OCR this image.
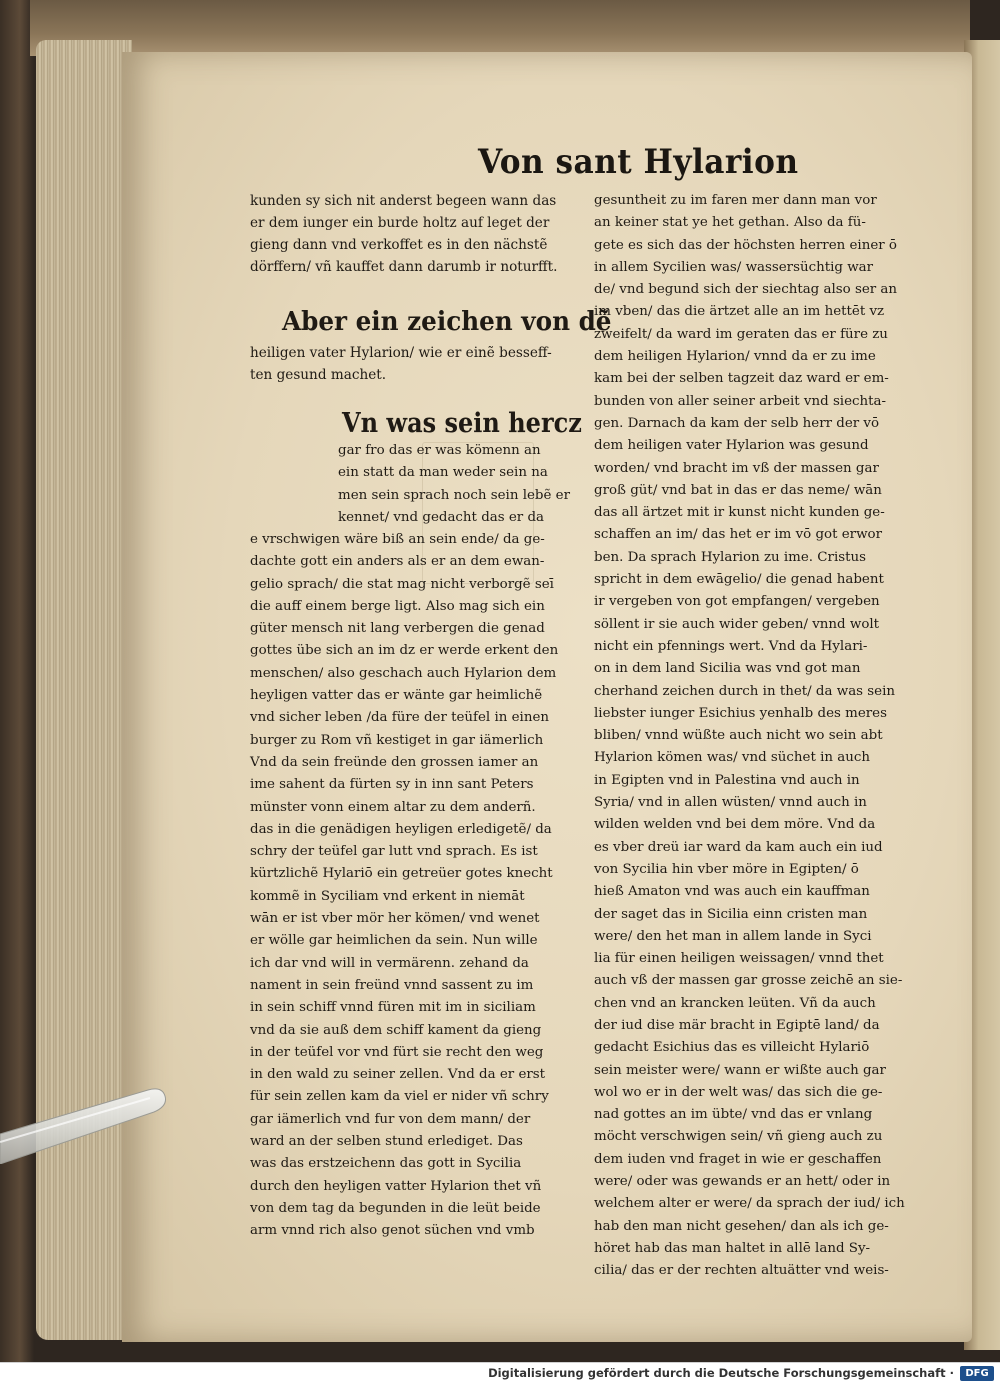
Von sant Hylarion
kunden sy sich nit anderst begeen wann das
er dem iunger ein burde holtz auf leget der
gieng dann vnd verkoffet es in den nächstẽ
dörffern/ vñ kauffet dann darumb ir noturfft.
Aber ein zeichen von dẽ
heiligen vater Hylarion/ wie er einẽ besseff-
ten gesund machet.
Vn was sein hercz
gar fro das er was kömenn an
ein statt da man weder sein na
men sein sprach noch sein lebẽ er
kennet/ vnd gedacht das er da
e vrschwigen wäre biß an sein ende/ da ge-
dachte gott ein anders als er an dem ewan-
gelio sprach/ die stat mag nicht verborgẽ seī
die auff einem berge ligt. Also mag sich ein
güter mensch nit lang verbergen die genad
gottes übe sich an im dz er werde erkent den
menschen/ also geschach auch Hylarion dem
heyligen vatter das er wänte gar heimlichẽ
vnd sicher leben /da füre der teüfel in einen
burger zu Rom vñ kestiget in gar iämerlich
Vnd da sein freünde den grossen iamer an
ime sahent da fürten sy in inn sant Peters
münster vonn einem altar zu dem anderñ.
das in die genädigen heyligen erledigetẽ/ da
schry der teüfel gar lutt vnd sprach. Es ist
kürtzlichẽ Hylariō ein getreüer gotes knecht
kommẽ in Syciliam vnd erkent in niemāt
wān er ist vber mör her kömen/ vnd wenet
er wölle gar heimlichen da sein. Nun wille
ich dar vnd will in vermärenn. zehand da
nament in sein freünd vnnd sassent zu im
in sein schiff vnnd füren mit im in siciliam
vnd da sie auß dem schiff kament da gieng
in der teüfel vor vnd fürt sie recht den weg
in den wald zu seiner zellen. Vnd da er erst
für sein zellen kam da viel er nider vñ schry
gar iämerlich vnd fur von dem mann/ der
ward an der selben stund erlediget. Das
was das erstzeichenn das gott in Sycilia
durch den heyligen vatter Hylarion thet vñ
von dem tag da begunden in die leüt beide
arm vnnd rich also genot süchen vnd vmb
gesuntheit zu im faren mer dann man vor
an keiner stat ye het gethan. Also da fü-
gete es sich das der höchsten herren einer ō
in allem Sycilien was/ wassersüchtig war
de/ vnd begund sich der siechtag also ser an
im vben/ das die ärtzet alle an im hettēt vz
zweifelt/ da ward im geraten das er füre zu
dem heiligen Hylarion/ vnnd da er zu ime
kam bei der selben tagzeit daz ward er em-
bunden von aller seiner arbeit vnd siechta-
gen. Darnach da kam der selb herr der vō
dem heiligen vater Hylarion was gesund
worden/ vnd bracht im vß der massen gar
groß güt/ vnd bat in das er das neme/ wān
das all ärtzet mit ir kunst nicht kunden ge-
schaffen an im/ das het er im vō got erwor
ben. Da sprach Hylarion zu ime. Cristus
spricht in dem ewāgelio/ die genad habent
ir vergeben von got empfangen/ vergeben
söllent ir sie auch wider geben/ vnnd wolt
nicht ein pfennings wert. Vnd da Hylari-
on in dem land Sicilia was vnd got man
cherhand zeichen durch in thet/ da was sein
liebster iunger Esichius yenhalb des meres
bliben/ vnnd wüßte auch nicht wo sein abt
Hylarion kömen was/ vnd süchet in auch
in Egipten vnd in Palestina vnd auch in
Syria/ vnd in allen wüsten/ vnnd auch in
wilden welden vnd bei dem möre. Vnd da
es vber dreü iar ward da kam auch ein iud
von Sycilia hin vber möre in Egipten/ ō
hieß Amaton vnd was auch ein kauffman
der saget das in Sicilia einn cristen man
were/ den het man in allem lande in Syci
lia für einen heiligen weissagen/ vnnd thet
auch vß der massen gar grosse zeichē an sie-
chen vnd an krancken leüten. Vñ da auch
der iud dise mär bracht in Egiptē land/ da
gedacht Esichius das es villeicht Hylariō
sein meister were/ wann er wißte auch gar
wol wo er in der welt was/ das sich die ge-
nad gottes an im übte/ vnd das er vnlang
möcht verschwigen sein/ vñ gieng auch zu
dem iuden vnd fraget in wie er geschaffen
were/ oder was gewands er an hett/ oder in
welchem alter er were/ da sprach der iud/ ich
hab den man nicht gesehen/ dan als ich ge-
höret hab das man haltet in allē land Sy-
cilia/ das er der rechten altuätter vnd weis-
Digitalisierung gefördert durch die Deutsche Forschungsgemeinschaft ·	DFG
